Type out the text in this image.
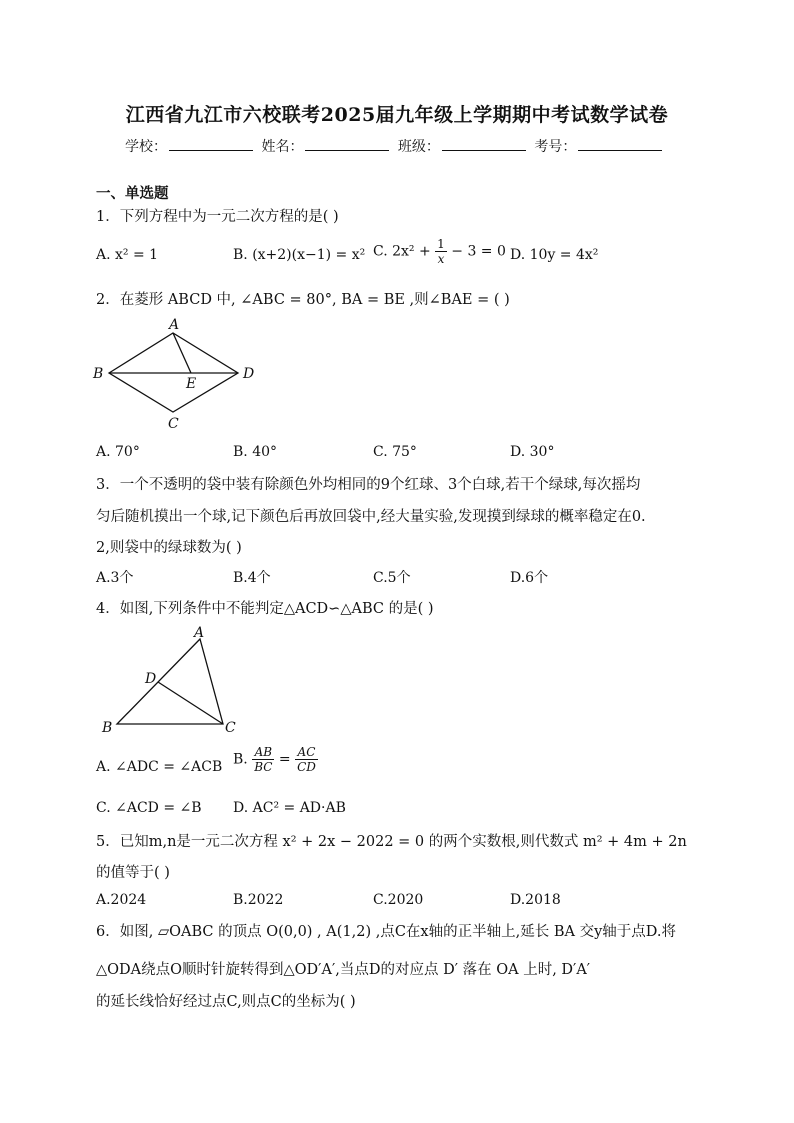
江西省九江市六校联考2025届九年级上学期期中考试数学试卷
学校：	姓名：	班级：	考号：
一、单选题
1．下列方程中为一元二次方程的是( )
A. x² = 1	B. (x+2)(x−1) = x² C. $2x^2 + \frac{1}{x} - 3 = 0$ D. 10y = 4x²
2．在菱形 ABCD 中, ∠ABC = 80°, BA = BE ,则∠BAE = ( )
A
B	D
C
E
A. 70°	B. 40°	C. 75°	D. 30°
3．一个不透明的袋中装有除颜色外均相同的9个红球、3个白球,若干个绿球,每次摇均
匀后随机摸出一个球,记下颜色后再放回袋中,经大量实验,发现摸到绿球的概率稳定在0.
2,则袋中的绿球数为( )
A.3个	B.4个	C.5个	D.6个
4．如图,下列条件中不能判定△ACD∽△ABC 的是( )
A
D
B	C
A. ∠ADC = ∠ACB B. $\frac{AB}{BC} = \frac{AC}{CD}$
C. ∠ACD = ∠B D. AC² = AD·AB
5．已知m,n是一元二次方程 x² + 2x − 2022 = 0 的两个实数根,则代数式 m² + 4m + 2n
的值等于( )
A.2024	B.2022	C.2020	D.2018
6．如图, ▱OABC 的顶点 O(0,0) , A(1,2) ,点C在x轴的正半轴上,延长 BA 交y轴于点D.将
△ODA绕点O顺时针旋转得到△OD′A′,当点D的对应点 D′ 落在 OA 上时, D′A′
的延长线恰好经过点C,则点C的坐标为( )
